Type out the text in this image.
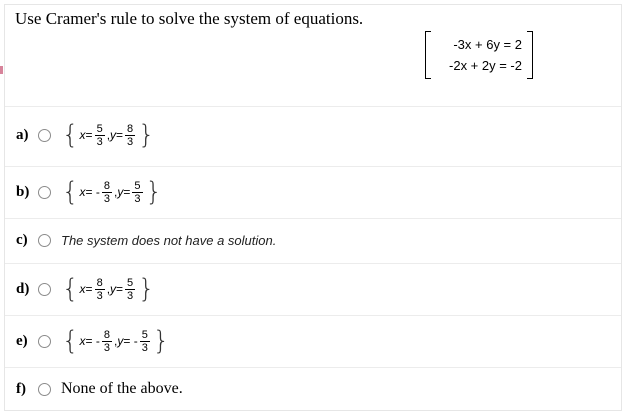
Use Cramer's rule to solve the system of equations.
-3x + 6y = 2
-2x + 2y = -2
a)	{ $x = \frac{5}{3}$ , $y = \frac{8}{3}$ }
b)	{ x = - $\frac{8}{3}$ , $y = \frac{5}{3}$ }
c)	The system does not have a solution.
d)	{ $x = \frac{8}{3}$ , $y = \frac{5}{3}$ }
e)	{ x = - $\frac{8}{3}$ , y = - $\frac{5}{3}$ }
f)	None of the above.
